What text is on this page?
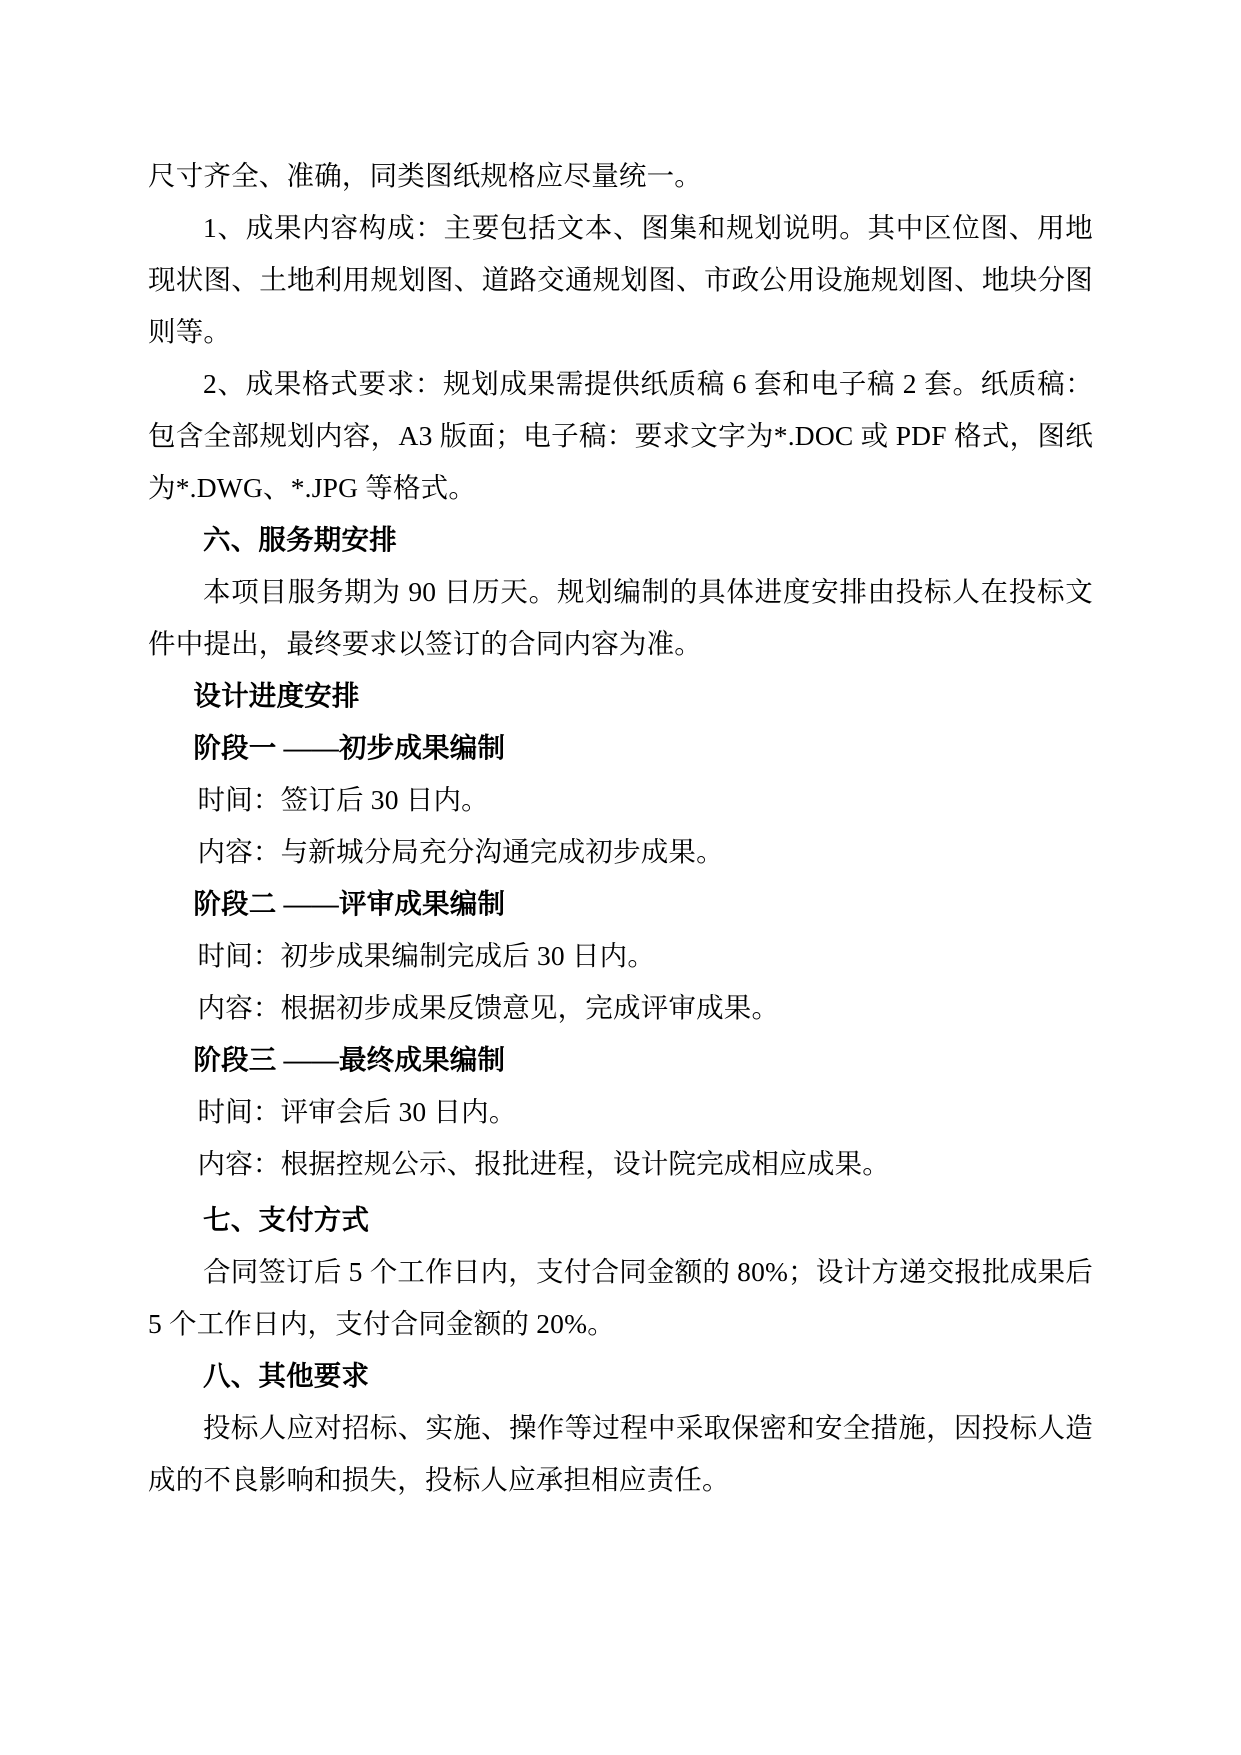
尺寸齐全、准确，同类图纸规格应尽量统一。

1、成果内容构成：主要包括文本、图集和规划说明。其中区位图、用地现状图、土地利用规划图、道路交通规划图、市政公用设施规划图、地块分图则等。

2、成果格式要求：规划成果需提供纸质稿 6 套和电子稿 2 套。纸质稿：包含全部规划内容，A3 版面；电子稿：要求文字为*.DOC 或 PDF 格式，图纸为*.DWG、*.JPG 等格式。

六、服务期安排

本项目服务期为 90 日历天。规划编制的具体进度安排由投标人在投标文件中提出，最终要求以签订的合同内容为准。

设计进度安排

阶段一 ——初步成果编制

时间：签订后 30 日内。

内容：与新城分局充分沟通完成初步成果。

阶段二 ——评审成果编制

时间：初步成果编制完成后 30 日内。

内容：根据初步成果反馈意见，完成评审成果。

阶段三 ——最终成果编制

时间：评审会后 30 日内。

内容：根据控规公示、报批进程，设计院完成相应成果。

七、支付方式

合同签订后 5 个工作日内，支付合同金额的 80%；设计方递交报批成果后 5 个工作日内，支付合同金额的 20%。

八、其他要求

投标人应对招标、实施、操作等过程中采取保密和安全措施，因投标人造成的不良影响和损失，投标人应承担相应责任。
